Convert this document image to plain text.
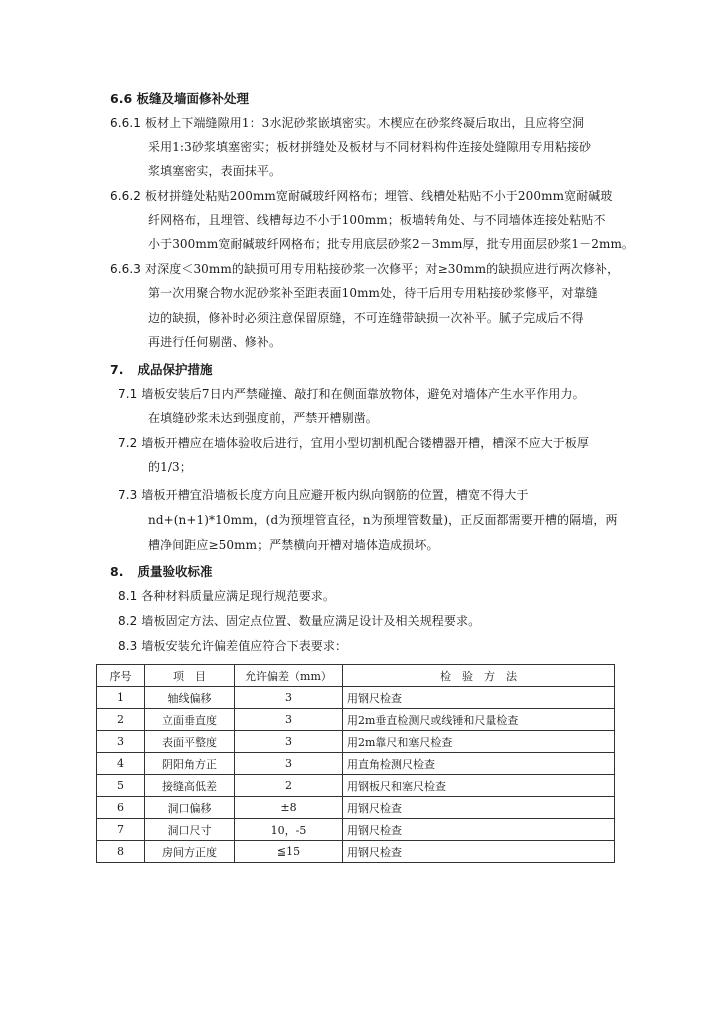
6.6 板缝及墙面修补处理
6.6.1 板材上下端缝隙用1：3水泥砂浆嵌填密实。木楔应在砂浆终凝后取出，且应将空洞
采用1:3砂浆填塞密实；板材拼缝处及板材与不同材料构件连接处缝隙用专用粘接砂
浆填塞密实，表面抹平。
6.6.2 板材拼缝处粘贴200mm宽耐碱玻纤网格布；埋管、线槽处粘贴不小于200mm宽耐碱玻
纤网格布，且埋管、线槽每边不小于100mm；板墙转角处、与不同墙体连接处粘贴不
小于300mm宽耐碱玻纤网格布；批专用底层砂浆2－3mm厚，批专用面层砂浆1－2mm。
6.6.3 对深度＜30mm的缺损可用专用粘接砂浆一次修平；对≥30mm的缺损应进行两次修补，
第一次用聚合物水泥砂浆补至距表面10mm处，待干后用专用粘接砂浆修平，对靠缝
边的缺损，修补时必须注意保留原缝，不可连缝带缺损一次补平。腻子完成后不得
再进行任何剔凿、修补。
7. 成品保护措施
7.1 墙板安装后7日内严禁碰撞、敲打和在侧面靠放物体，避免对墙体产生水平作用力。
在填缝砂浆未达到强度前，严禁开槽剔凿。
7.2 墙板开槽应在墙体验收后进行，宜用小型切割机配合镂槽器开槽，槽深不应大于板厚
的1/3；
7.3 墙板开槽宜沿墙板长度方向且应避开板内纵向钢筋的位置，槽宽不得大于
nd+(n+1)*10mm，(d为预埋管直径，n为预埋管数量)，正反面都需要开槽的隔墙，两
槽净间距应≥50mm；严禁横向开槽对墙体造成损坏。
8. 质量验收标准
8.1 各种材料质量应满足现行规范要求。
8.2 墙板固定方法、固定点位置、数量应满足设计及相关规程要求。
8.3 墙板安装允许偏差值应符合下表要求：
序号	项　目	允许偏差（mm）	检　验　方　法
1	轴线偏移	3	用钢尺检查
2	立面垂直度	3	用2m垂直检测尺或线锤和尺量检查
3	表面平整度	3	用2m靠尺和塞尺检查
4	阴阳角方正	3	用直角检测尺检查
5	接缝高低差	2	用钢板尺和塞尺检查
6	洞口偏移	±8	用钢尺检查
7	洞口尺寸	10，-5	用钢尺检查
8	房间方正度	≦15	用钢尺检查
